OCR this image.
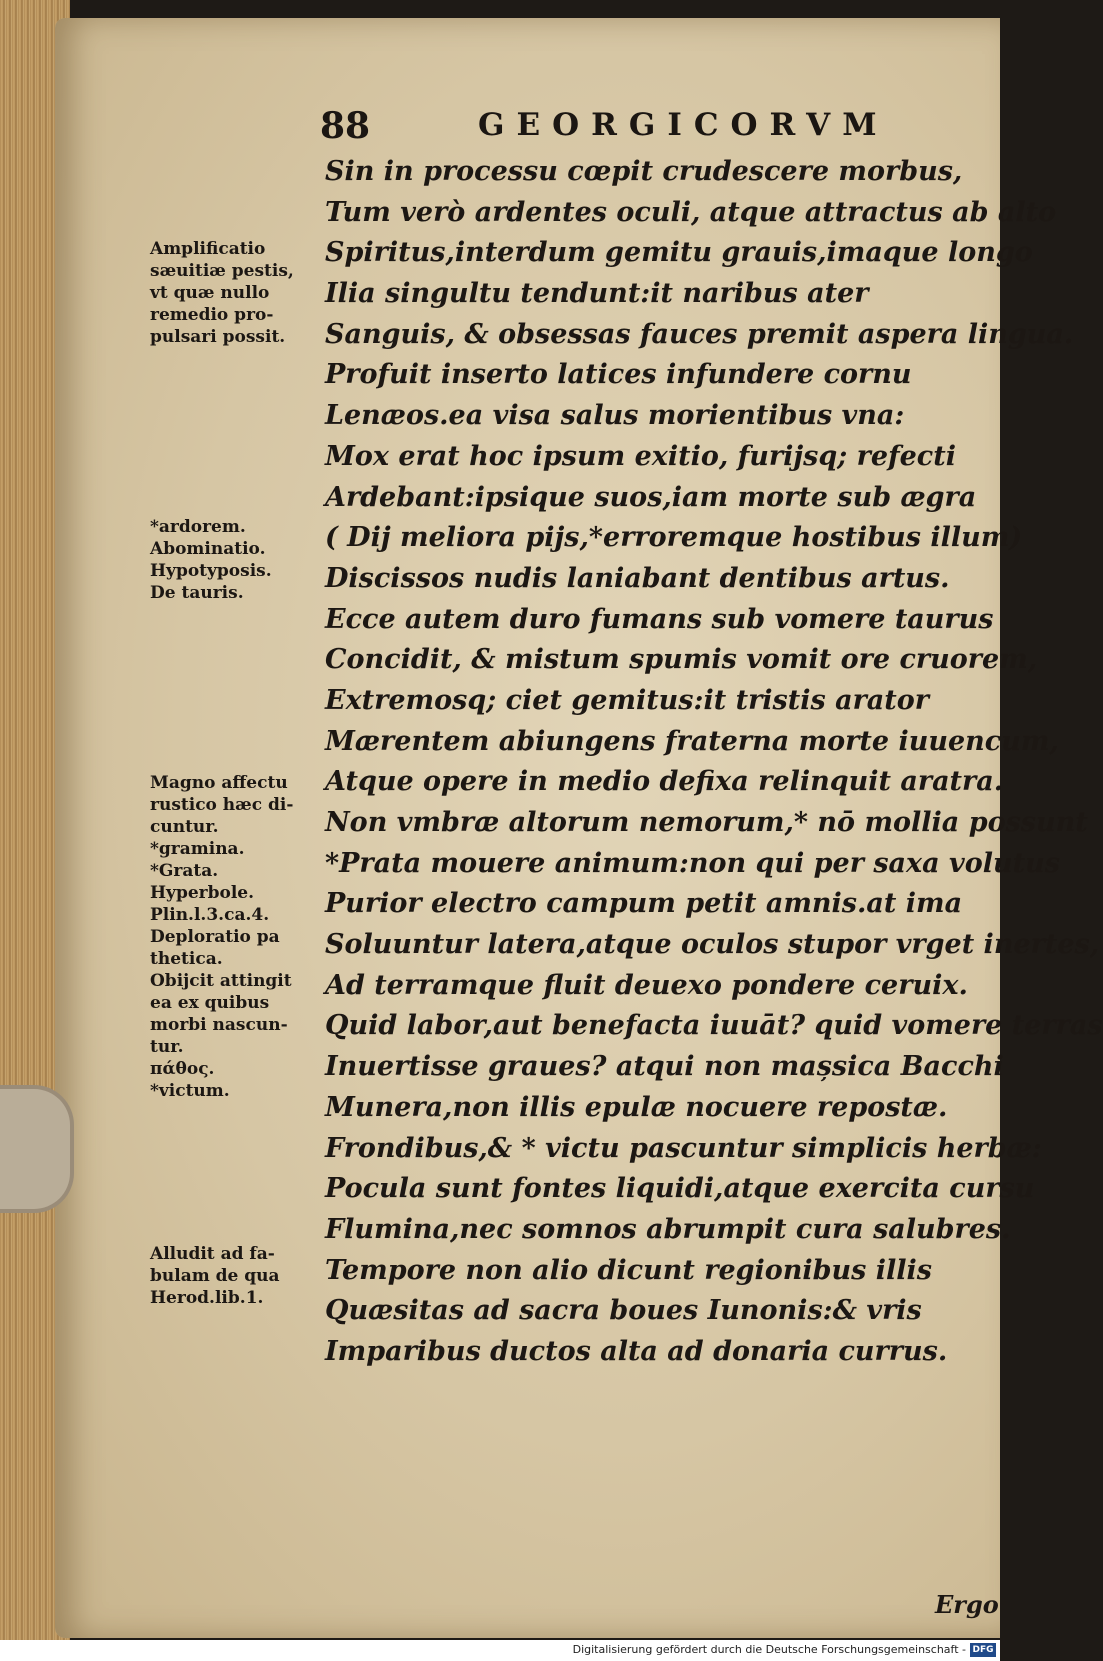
88	GEORGICORVM
Sin in processu cœpit crudescere morbus,
Tum verò ardentes oculi, atque attractus ab alto
Spiritus,interdum gemitu grauis,imaque longo
Ilia singultu tendunt:it naribus ater
Sanguis, & obsessas fauces premit aspera lingua.
Profuit inserto latices infundere cornu
Lenæos.ea visa salus morientibus vna:
Mox erat hoc ipsum exitio, furijsq; refecti
Ardebant:ipsique suos,iam morte sub ægra
( Dij meliora pijs,*erroremque hostibus illum)
Discissos nudis laniabant dentibus artus.
Ecce autem duro fumans sub vomere taurus
Concidit, & mistum spumis vomit ore cruorem,
Extremosq; ciet gemitus:it tristis arator
Mærentem abiungens fraterna morte iuuencum,
Atque opere in medio defixa relinquit aratra.
Non vmbræ altorum nemorum,* nō mollia possunt
*Prata mouere animum:non qui per saxa volutus
Purior electro campum petit amnis.at ima
Soluuntur latera,atque oculos stupor vrget inertes,
Ad terramque fluit deuexo pondere ceruix.
Quid labor,aut benefacta iuuāt? quid vomere terras
Inuertisse graues? atqui non mașsica Bacchi
Munera,non illis epulæ nocuere repostæ.
Frondibus,& * victu pascuntur simplicis herbæ:
Pocula sunt fontes liquidi,atque exercita cursu
Flumina,nec somnos abrumpit cura salubres.
Tempore non alio dicunt regionibus illis
Quæsitas ad sacra boues Iunonis:& vris
Imparibus ductos alta ad donaria currus.
Amplificatio
sæuitiæ pestis,
vt quæ nullo
remedio pro-
pulsari possit.
*ardorem.
Abominatio.
Hypotyposis.
De tauris.
Magno affectu
rustico hæc di-
cuntur.
*gramina.
*Grata.
Hyperbole.
Plin.l.3.ca.4.
Deploratio pa
thetica.
Obijcit attingit
ea ex quibus
morbi nascun-
tur.
πάθος.
*victum.
Alludit ad fa-
bulam de qua
Herod.lib.1.
Ergo
Digitalisierung gefördert durch die Deutsche Forschungsgemeinschaft - DFG
